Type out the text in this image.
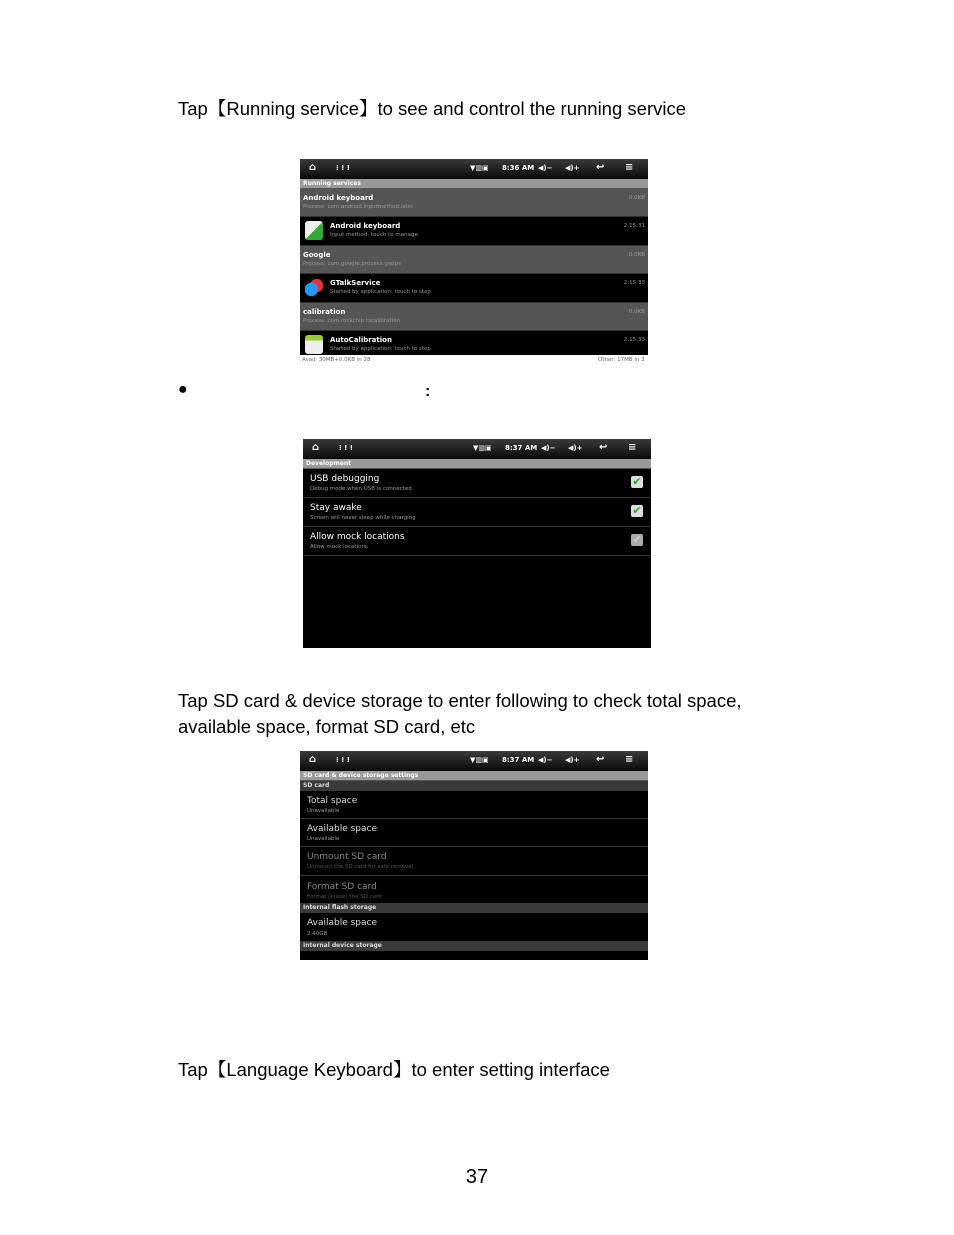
Tap【Running service】to see and control the running service

⌂	⁞ ! !	▼▥▣ 8:36 AM ◀)− ◀)+ ↩ ≡
Running services
Android keyboard
Process: com.android.inputmethod.latin
0.0KB
Android keyboard
Input method: touch to manage
2:15:31
Google
Process: com.google.process.gapps
0.0KB
GTalkService
Started by application: touch to stop
2:15:33
calibration
Process: com.rockchip.tscalibration
0.0KB
AutoCalibration
Started by application: touch to stop
2:15:33
Avail: 30MB+0.0KB in 28	Other: 17MB in 3
●	:
⌂	⁞ ! !	▼▥▣ 8:37 AM ◀)− ◀)+ ↩ ≡
Development
USB debugging
Debug mode when USB is connected
✔
Stay awake
Screen will never sleep while charging
✔
Allow mock locations
Allow mock locations
✔

Tap SD card & device storage to enter following to check total space,

available space, format SD card, etc

⌂	⁞ ! !	▼▥▣ 8:37 AM ◀)− ◀)+ ↩ ≡
SD card & device storage settings
SD card
Total space
Unavailable
Available space
Unavailable
Unmount SD card
Unmount the SD card for safe removal
Format SD card
Format (erase) the SD card
Internal flash storage
Available space
2.40GB
Internal device storage

Tap【Language Keyboard】to enter setting interface

37
